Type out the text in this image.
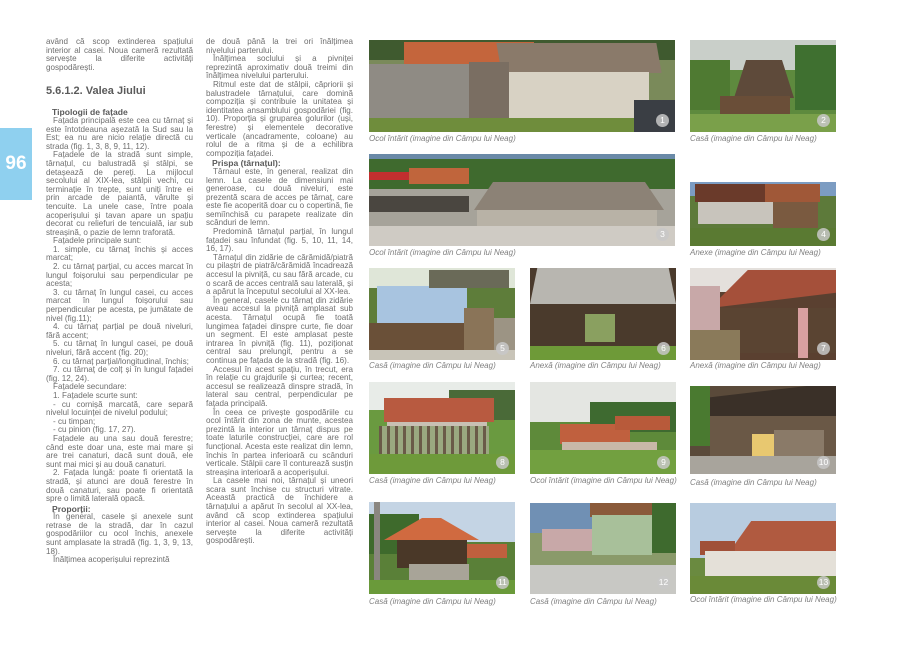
96

având că scop extinderea spațiului interior al casei. Noua cameră rezultată servește la diferite activități gospodărești.

5.6.1.2. Valea Jiului
Tipologii de fațade

Fațada principală este cea cu târnaț și este întotdeauna așezată la Sud sau la Est; ea nu are nicio relație directă cu strada (fig. 1, 3, 8, 9, 11, 12).

Fațadele de la stradă sunt simple, târnațul, cu balustradă și stâlpi, se detașează de pereți. La mijlocul secolului al XIX-lea, stâlpii vechi, cu terminație în trepte, sunt uniți între ei prin arcade de paiantă, vărulte și tencuite. La unele case, între poala acoperișului și tavan apare un spațiu decorat cu reliefuri de tencuială, iar sub streașină, o pazie de lemn traforată.

Fațadele principale sunt:

1. simple, cu târnaț închis și acces marcat;

2. cu târnaț parțial, cu acces marcat în lungul foișorului sau perpendicular pe acesta;

3. cu târnaț în lungul casei, cu acces marcat în lungul foișorului sau perpendicular pe acesta, pe jumătate de nivel (fig.11);

4. cu târnaț parțial pe două niveluri, fără accent;

5. cu târnaț în lungul casei, pe două niveluri, fără accent (fig. 20);

6. cu târnaț parțial/longitudinal, închis;

7. cu târnaț de colț și în lungul fațadei (fig. 12, 24).

Fațadele secundare:

1. Fațadele scurte sunt:

- cu cornișă marcată, care separă nivelul locuinței de nivelul podului;

- cu timpan;

- cu pinion (fig. 17, 27).

Fațadele au una sau două ferestre; când este doar una, este mai mare și are trei canaturi, dacă sunt două, ele sunt mai mici și au două canaturi.

2. Fațada lungă: poate fi orientată la stradă, și atunci are două ferestre în două canaturi, sau poate fi orientată spre o limită laterală opacă.

Proporții:

În general, casele și anexele sunt retrase de la stradă, dar în cazul gospodăriilor cu ocol închis, anexele sunt amplasate la stradă (fig. 1, 3, 9, 13, 18).

Înălțimea acoperișului reprezintă

de două până la trei ori înălțimea nivelului parterului.

Înălțimea soclului și a pivniței reprezintă aproximativ două treimi din înălțimea nivelului parterului.

Ritmul este dat de stâlpii, căpriorii și balustradele târnațului, care domină compoziția și contribuie la unitatea și identitatea ansamblului gospodăriei (fig. 10). Proporția și gruparea golurilor (uși, ferestre) și elementele decorative verticale (ancadramente, coloane) au rolul de a ritma și de a echilibra compoziția fațadei.

Prispa (târnațul):

Târnaul este, în general, realizat din lemn. La casele de dimensiuni mai generoase, cu două niveluri, este prezentă scara de acces pe târnaț, care este fie acoperită doar cu o copertină, fie semiînchisă cu parapete realizate din scânduri de lemn.

Predomină târnațul parțial, în lungul fațadei sau înfundat (fig. 5, 10, 11, 14, 16, 17).

Târnațul din zidărie de cărămidă/piatră cu pilaștri de piatră/cărămidă încadrează accesul la pivniță, cu sau fără arcade, cu o scară de acces centrală sau laterală, și a apărut la începutul secolului al XX-lea.

În general, casele cu târnaț din zidărie aveau accesul la pivniță amplasat sub acesta. Târnațul ocupă fie toată lungimea fațadei dinspre curte, fie doar un segment. El este amplasat peste intrarea în pivniță (fig. 11), poziționat central sau prelungit, pentru a se continua pe fațada de la stradă (fig. 16).

Accesul în acest spațiu, în trecut, era în relație cu grajdurile și curtea; recent, accesul se realizează dinspre stradă, în lateral sau central, perpendicular pe fațada principală.

În ceea ce privește gospodăriile cu ocol întărit din zona de munte, acestea prezintă la interior un târnaț dispus pe toate laturile construcției, care are rol funcțional. Acesta este realizat din lemn, închis în partea inferioară cu scânduri verticale. Stâlpii care îl conturează susțin streașina interioară a acoperișului.

La casele mai noi, târnațul și uneori scara sunt închise cu structuri vitrate. Această practică de închidere a târnațului a apărut în secolul al XX-lea, având că scop extinderea spațiului interior al casei. Noua cameră rezultată servește la diferite activități gospodărești.

1
Ocol întărit (imagine din Câmpu lui Neag)
2
Casă (imagine din Câmpu lui Neag)
3
Ocol întărit (imagine din Câmpu lui Neag)
4
Anexe (imagine din Câmpu lui Neag)
5
Casă (imagine din Câmpu lui Neag)
6
Anexă (imagine din Câmpu lui Neag)
7
Anexă (imagine din Câmpu lui Neag)
8
Casă (imagine din Câmpu lui Neag)
9
Ocol întărit (imagine din Câmpu lui Neag)
10
Casă (imagine din Câmpu lui Neag)
11
Casă (imagine din Câmpu lui Neag)
12
Casă (imagine din Câmpu lui Neag)
13
Ocol întărit (imagine din Câmpu lui Neag)
